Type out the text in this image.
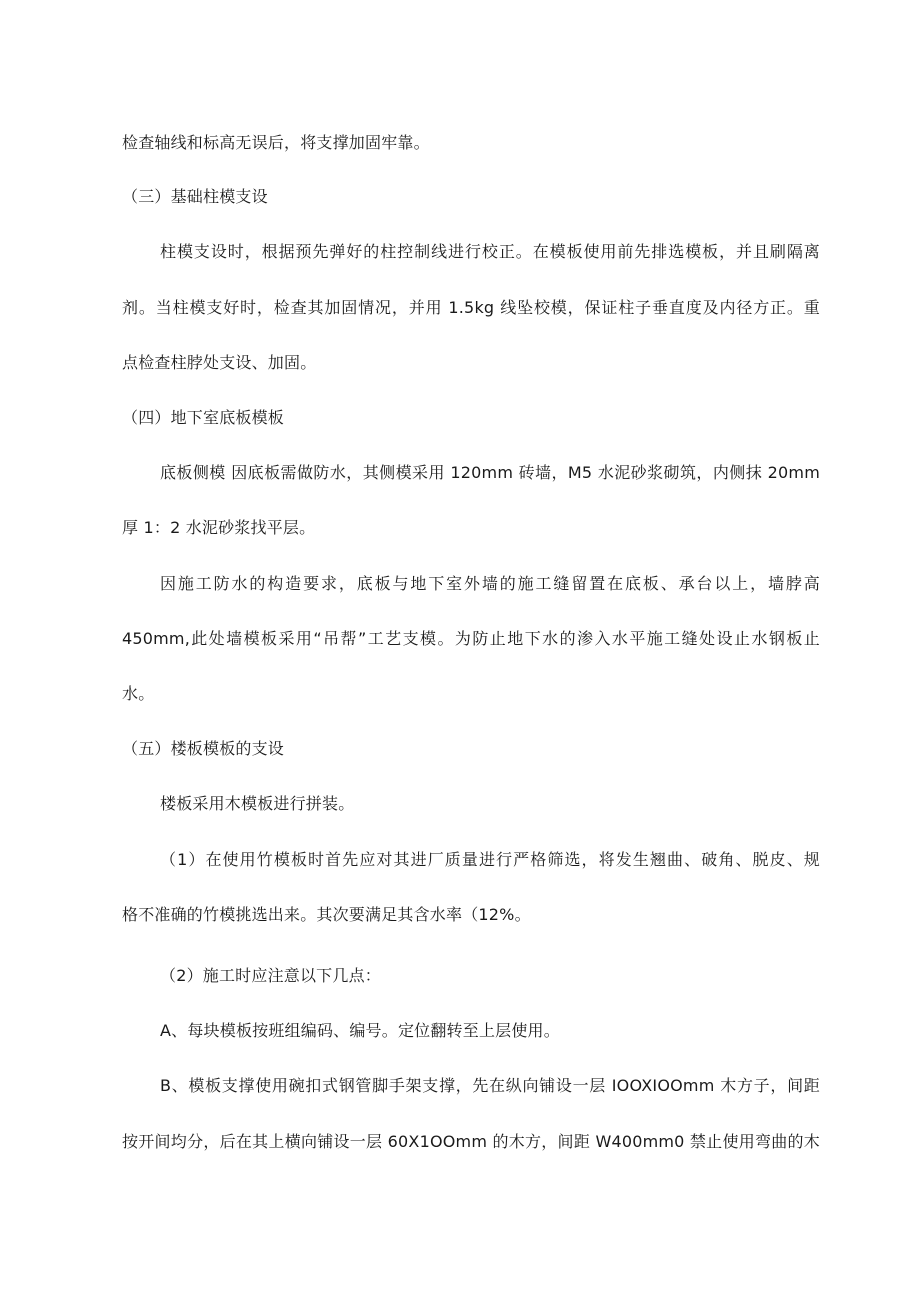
检查轴线和标高无误后，将支撑加固牢靠。
（三）基础柱模支设
柱模支设时，根据预先弹好的柱控制线进行校正。在模板使用前先排选模板，并且刷隔离
剂。当柱模支好时，检查其加固情况，并用 1.5kg 线坠校模，保证柱子垂直度及内径方正。重
点检查柱脖处支设、加固。
（四）地下室底板模板
底板侧模 因底板需做防水，其侧模采用 120mm 砖墙，M5 水泥砂浆砌筑，内侧抹 20mm
厚 1：2 水泥砂浆找平层。
因施工防水的构造要求，底板与地下室外墙的施工缝留置在底板、承台以上，墙脖高
450mm,此处墙模板采用“吊帮”工艺支模。为防止地下水的渗入水平施工缝处设止水钢板止
水。
（五）楼板模板的支设
楼板采用木模板进行拼装。
（1）在使用竹模板时首先应对其进厂质量进行严格筛选，将发生翘曲、破角、脱皮、规
格不准确的竹模挑选出来。其次要满足其含水率（12%。
（2）施工时应注意以下几点：
A、每块模板按班组编码、编号。定位翻转至上层使用。
B、模板支撑使用碗扣式钢管脚手架支撑，先在纵向铺设一层 IOOXIOOmm 木方子，间距
按开间均分，后在其上横向铺设一层 60X1OOmm 的木方，间距 W400mm0 禁止使用弯曲的木
